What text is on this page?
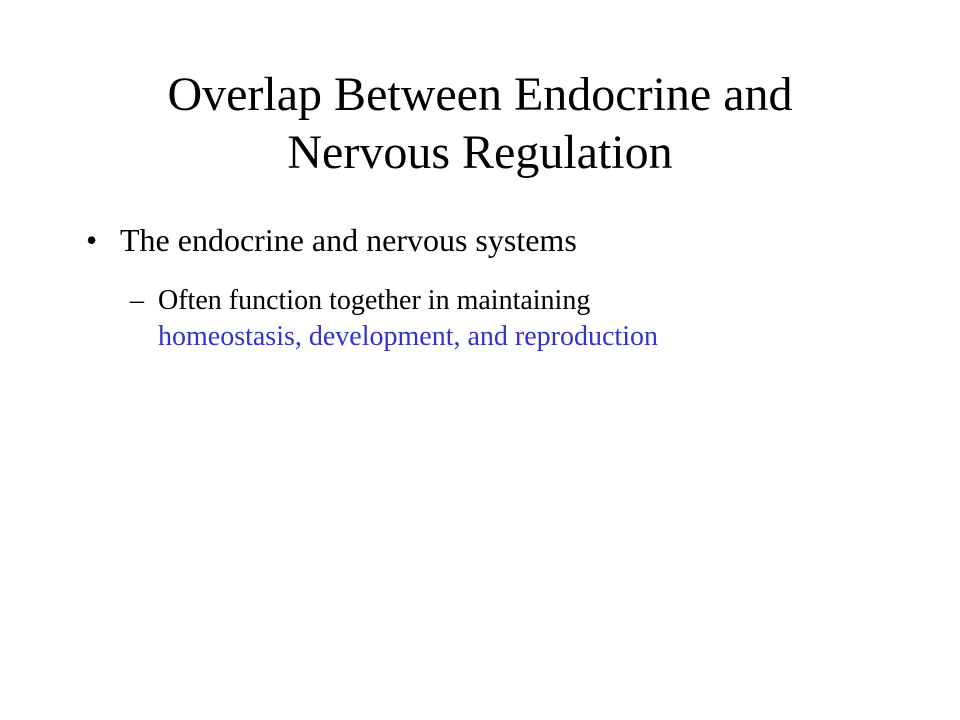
Overlap Between Endocrine and
Nervous Regulation
• The endocrine and nervous systems
– Often function together in maintaining
homeostasis, development, and reproduction
